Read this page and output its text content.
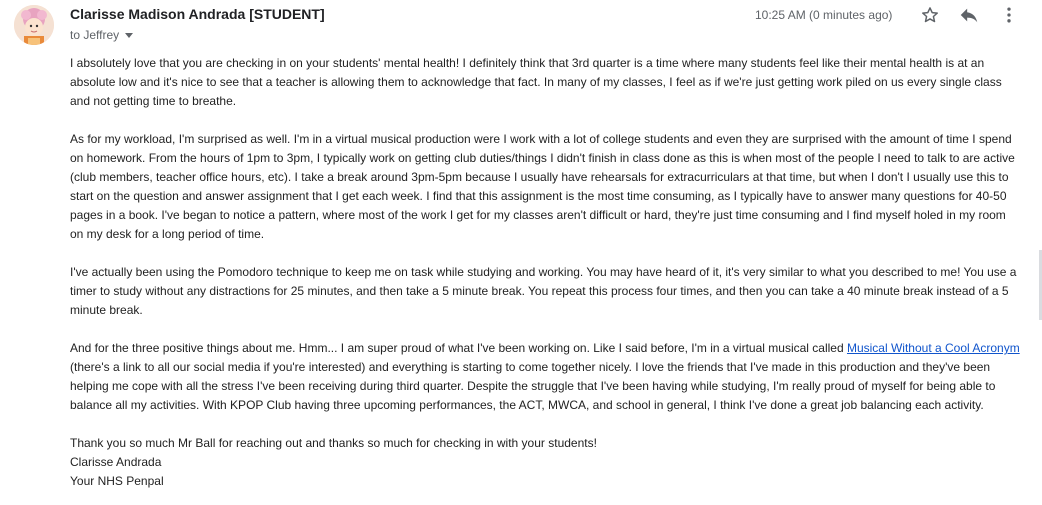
Clarisse Madison Andrada [STUDENT]
to Jeffrey
10:25 AM (0 minutes ago)

I absolutely love that you are checking in on your students' mental health! I definitely think that 3rd quarter is a time where many students feel like their mental health is at an absolute low and it's nice to see that a teacher is allowing them to acknowledge that fact. In many of my classes, I feel as if we're just getting work piled on us every single class and not getting time to breathe.

As for my workload, I'm surprised as well. I'm in a virtual musical production were I work with a lot of college students and even they are surprised with the amount of time I spend on homework. From the hours of 1pm to 3pm, I typically work on getting club duties/things I didn't finish in class done as this is when most of the people I need to talk to are active (club members, teacher office hours, etc). I take a break around 3pm-5pm because I usually have rehearsals for extracurriculars at that time, but when I don't I usually use this to start on the question and answer assignment that I get each week. I find that this assignment is the most time consuming, as I typically have to answer many questions for 40-50 pages in a book. I've began to notice a pattern, where most of the work I get for my classes aren't difficult or hard, they're just time consuming and I find myself holed in my room on my desk for a long period of time.

I've actually been using the Pomodoro technique to keep me on task while studying and working. You may have heard of it, it's very similar to what you described to me! You use a timer to study without any distractions for 25 minutes, and then take a 5 minute break. You repeat this process four times, and then you can take a 40 minute break instead of a 5 minute break.

And for the three positive things about me. Hmm... I am super proud of what I've been working on. Like I said before, I'm in a virtual musical called Musical Without a Cool Acronym (there's a link to all our social media if you're interested) and everything is starting to come together nicely. I love the friends that I've made in this production and they've been helping me cope with all the stress I've been receiving during third quarter. Despite the struggle that I've been having while studying, I'm really proud of myself for being able to balance all my activities. With KPOP Club having three upcoming performances, the ACT, MWCA, and school in general, I think I've done a great job balancing each activity.

Thank you so much Mr Ball for reaching out and thanks so much for checking in with your students!

Clarisse Andrada

Your NHS Penpal
